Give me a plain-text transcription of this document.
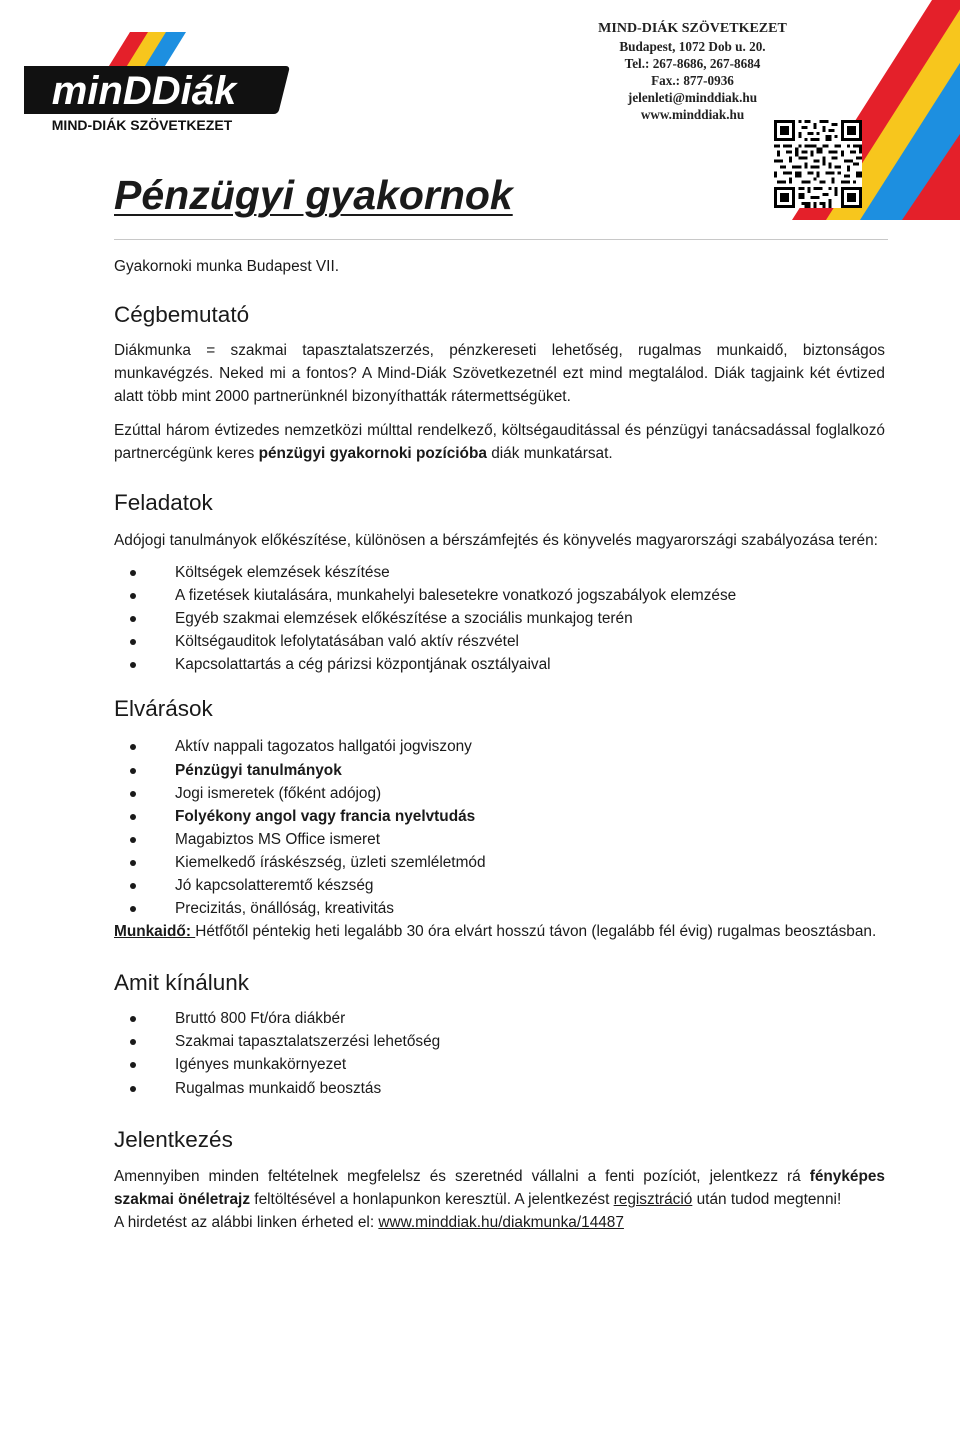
minDDiák
MIND-DIÁK SZÖVETKEZET
MIND-DIÁK SZÖVETKEZET
Budapest, 1072 Dob u. 20.
Tel.: 267-8686, 267-8684
Fax.: 877-0936
jelenleti@minddiak.hu
www.minddiak.hu
Pénzügyi gyakornok

Gyakornoki munka Budapest VII.

Cégbemutató

Diákmunka = szakmai tapasztalatszerzés, pénzkereseti lehetőség, rugalmas munkaidő, biztonságos munkavégzés. Neked mi a fontos? A Mind-Diák Szövetkezetnél ezt mind megtalálod. Diák tagjaink két évtized alatt több mint 2000 partnerünknél bizonyíthatták rátermettségüket.

Ezúttal három évtizedes nemzetközi múlttal rendelkező, költségauditással és pénzügyi tanácsadással foglalkozó partnercégünk keres pénzügyi gyakornoki pozícióba diák munkatársat.

Feladatok

Adójogi tanulmányok előkészítése, különösen a bérszámfejtés és könyvelés magyarországi szabályozása terén:

Költségek elemzések készítése
A fizetések kiutalására, munkahelyi balesetekre vonatkozó jogszabályok elemzése
Egyéb szakmai elemzések előkészítése a szociális munkajog terén
Költségauditok lefolytatásában való aktív részvétel
Kapcsolattartás a cég párizsi központjának osztályaival
Elvárások
Aktív nappali tagozatos hallgatói jogviszony
Pénzügyi tanulmányok
Jogi ismeretek (főként adójog)
Folyékony angol vagy francia nyelvtudás
Magabiztos MS Office ismeret
Kiemelkedő íráskészség, üzleti szemléletmód
Jó kapcsolatteremtő készség
Precizitás, önállóság, kreativitás

Munkaidő: Hétfőtől péntekig heti legalább 30 óra elvárt hosszú távon (legalább fél évig) rugalmas beosztásban.

Amit kínálunk
Bruttó 800 Ft/óra diákbér
Szakmai tapasztalatszerzési lehetőség
Igényes munkakörnyezet
Rugalmas munkaidő beosztás
Jelentkezés

Amennyiben minden feltételnek megfelelsz és szeretnéd vállalni a fenti pozíciót, jelentkezz rá fényképes szakmai önéletrajz feltöltésével a honlapunkon keresztül. A jelentkezést regisztráció után tudod megtenni!

A hirdetést az alábbi linken érheted el: www.minddiak.hu/diakmunka/14487
